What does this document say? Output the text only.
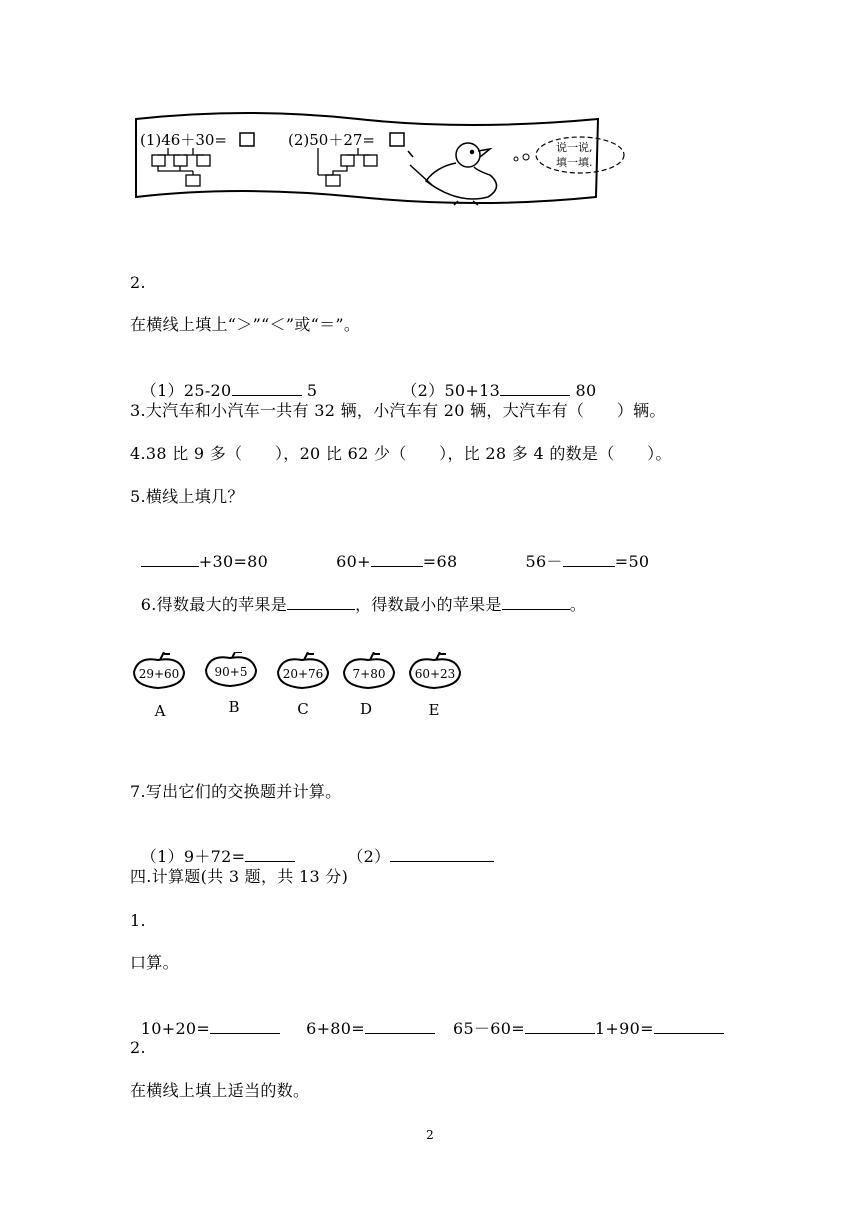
(1)46＋30=	(2)50＋27=	说一说,
填一填.
2.
在横线上填上“＞”“＜”或“＝”。

（1）25-20	5	（2）50+13	80

3.大汽车和小汽车一共有 32 辆，小汽车有 20 辆，大汽车有（　　）辆。
4.38 比 9 多（　　），20 比 62 少（　　），比 28 多 4 的数是（　　）。
5.横线上填几？

+30=80	60+	=68	56－	=50

6.得数最大的苹果是	，得数最小的苹果是	。

29+60
A
90+5
B
20+76
C
7+80
D
60+23
E
7.写出它们的交换题并计算。

（1）9＋72=	（2）

四.计算题(共 3 题，共 13 分)
1.
口算。

10+20=	6+80=	65－60=	1+90=

2.
在横线上填上适当的数。
2
